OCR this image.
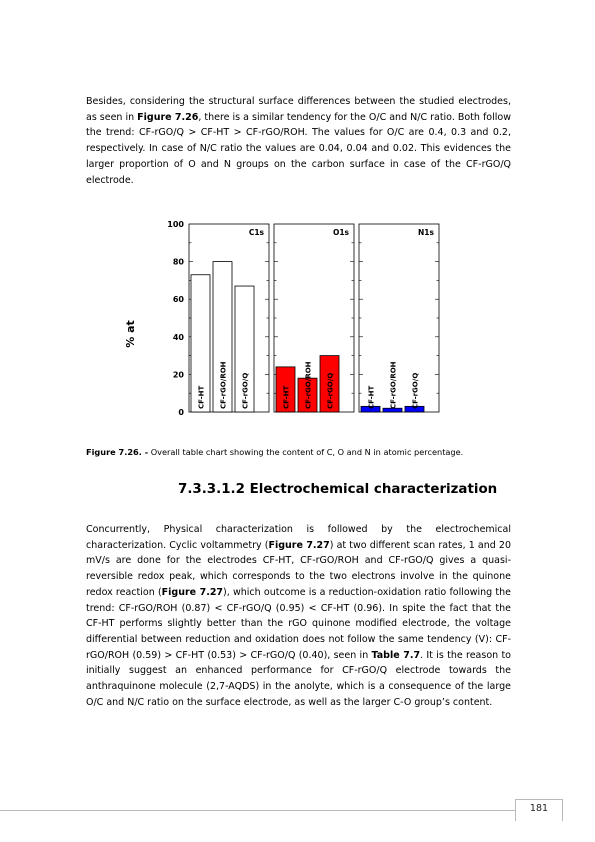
Besides, considering the structural surface differences between the studied electrodes, as seen in Figure 7.26, there is a similar tendency for the O/C and N/C ratio. Both follow the trend: CF-rGO/Q > CF-HT > CF-rGO/ROH. The values for O/C are 0.4, 0.3 and 0.2, respectively. In case of N/C ratio the values are 0.04, 0.04 and 0.02. This evidences the larger proportion of O and N groups on the carbon surface in case of the CF-rGO/Q electrode.
0
20
40
60
80
100
% at
C1s
CF-HT CF-rGO/ROH CF-rGO/Q
O1s
CF-HT CF-rGO/ROH CF-rGO/Q
N1s
CF-HT CF-rGO/ROH CF-rGO/Q
Figure 7.26. - Overall table chart showing the content of C, O and N in atomic percentage.
7.3.3.1.2 Electrochemical characterization
Concurrently, Physical characterization is followed by the electrochemical characterization. Cyclic voltammetry (Figure 7.27) at two different scan rates, 1 and 20 mV/s are done for the electrodes CF-HT, CF-rGO/ROH and CF-rGO/Q gives a quasi-reversible redox peak, which corresponds to the two electrons involve in the quinone redox reaction (Figure 7.27), which outcome is a reduction-oxidation ratio following the trend: CF-rGO/ROH (0.87) < CF-rGO/Q (0.95) < CF-HT (0.96). In spite the fact that the CF-HT performs slightly better than the rGO quinone modified electrode, the voltage differential between reduction and oxidation does not follow the same tendency (V): CF-rGO/ROH (0.59) > CF-HT (0.53) > CF-rGO/Q (0.40), seen in Table 7.7. It is the reason to initially suggest an enhanced performance for CF-rGO/Q electrode towards the anthraquinone molecule (2,7-AQDS) in the anolyte, which is a consequence of the large O/C and N/C ratio on the surface electrode, as well as the larger C-O group’s content.
181
